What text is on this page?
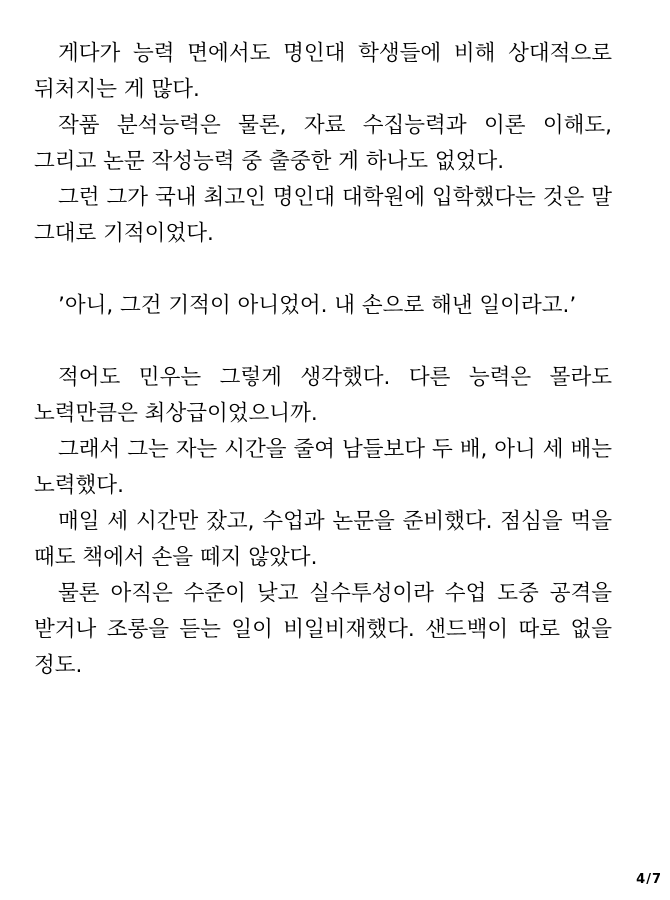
게다가 능력 면에서도 명인대 학생들에 비해 상대적으로 뒤처지는 게 많다.

작품 분석능력은 물론, 자료 수집능력과 이론 이해도, 그리고 논문 작성능력 중 출중한 게 하나도 없었다.

그런 그가 국내 최고인 명인대 대학원에 입학했다는 것은 말 그대로 기적이었다.

’아니, 그건 기적이 아니었어. 내 손으로 해낸 일이라고.’

적어도 민우는 그렇게 생각했다. 다른 능력은 몰라도 노력만큼은 최상급이었으니까.

그래서 그는 자는 시간을 줄여 남들보다 두 배, 아니 세 배는 노력했다.

매일 세 시간만 잤고, 수업과 논문을 준비했다. 점심을 먹을 때도 책에서 손을 떼지 않았다.

물론 아직은 수준이 낮고 실수투성이라 수업 도중 공격을 받거나 조롱을 듣는 일이 비일비재했다. 샌드백이 따로 없을 정도.

4/7
